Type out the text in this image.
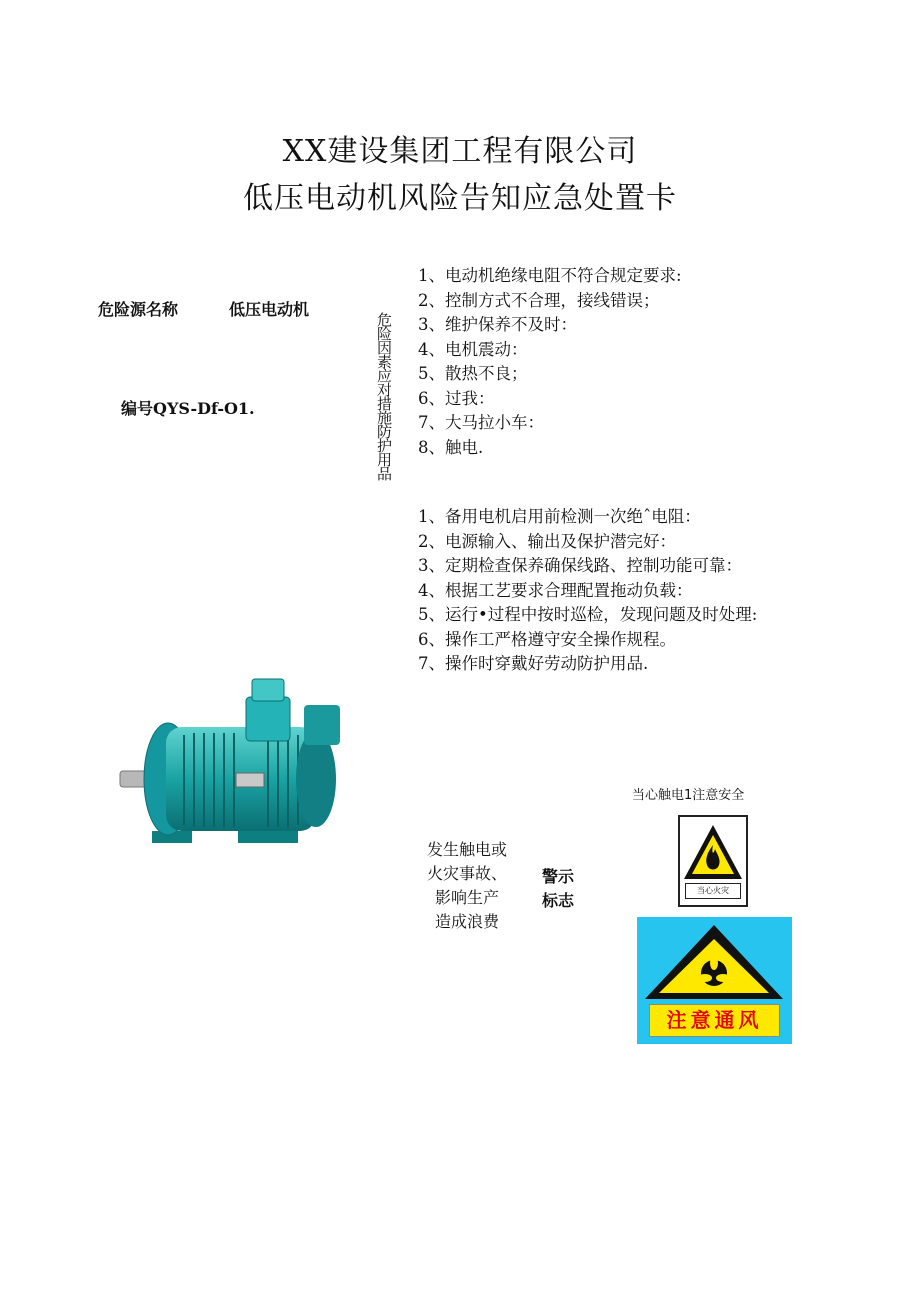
XX建设集团工程有限公司
低压电动机风险告知应急处置卡
危险源名称	低压电动机
编号QYS-Df-O1.	危险因素应对措施防护用品
1、电动机绝缘电阻不符合规定要求:
2、控制方式不合理，接线错误；
3、维护保养不及时：
4、电机震动：
5、散热不良；
6、过我：
7、大马拉小车：
8、触电.
1、备用电机启用前检测一次绝ˆ电阻：
2、电源输入、输出及保护潜完好：
3、定期检查保养确保线路、控制功能可靠：
4、根据工艺要求合理配置拖动负载：
5、运行•过程中按时巡检，发现问题及时处理:
6、操作工严格遵守安全操作规程。
7、操作时穿戴好劳动防护用品.
发生触电或
火灾事故、
影响生产
造成浪费
警示
标志
当心触电1注意安全
当心火灾
注意通风
